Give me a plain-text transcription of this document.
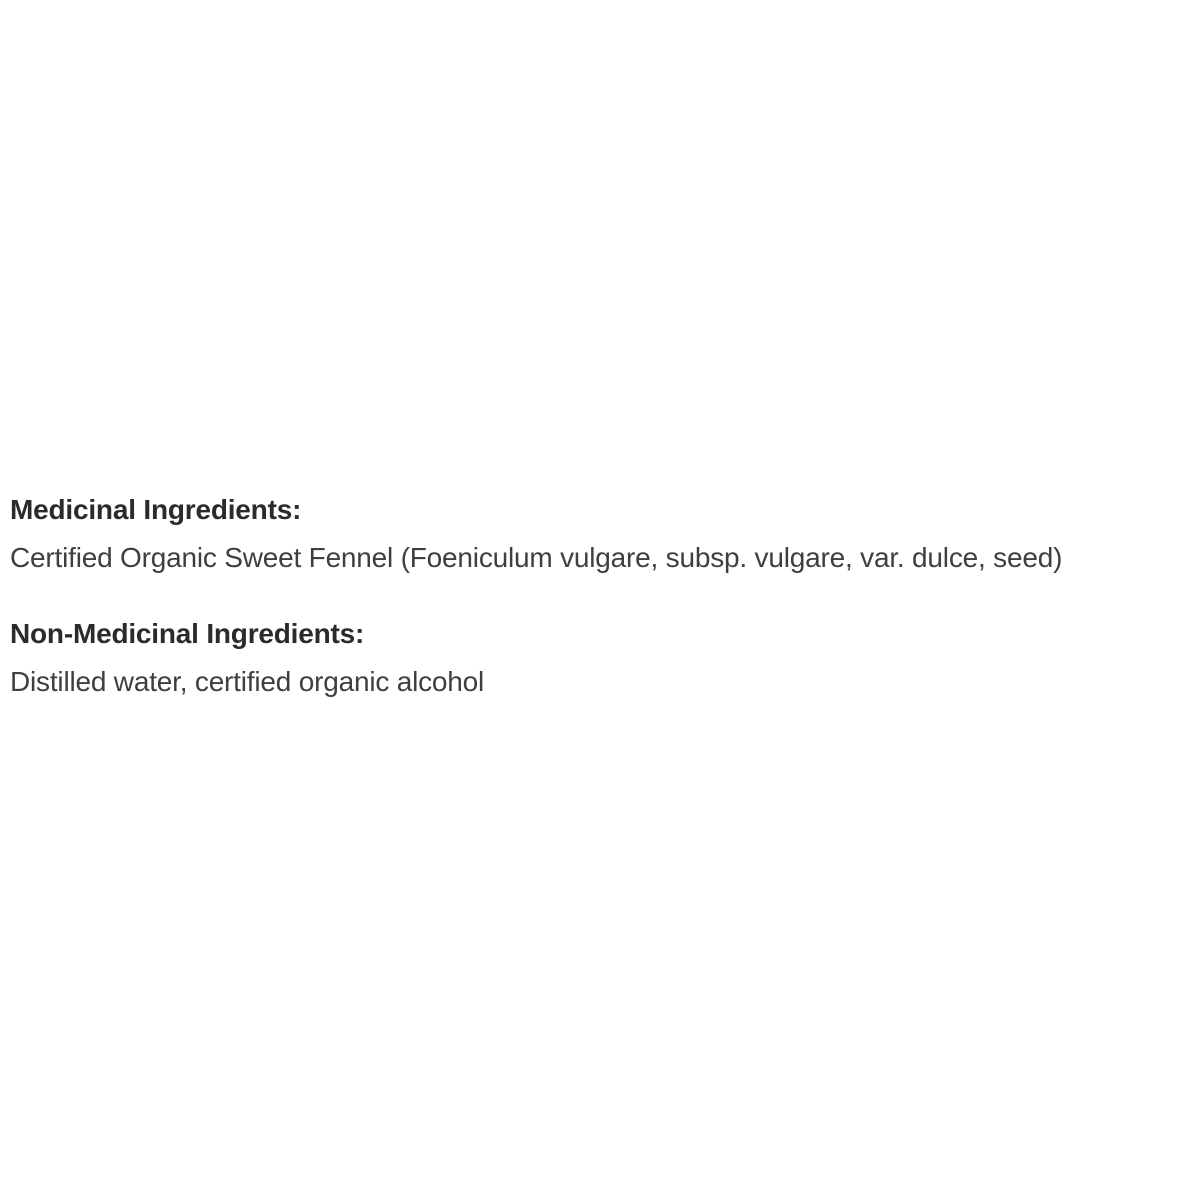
Medicinal Ingredients:
Certified Organic Sweet Fennel (Foeniculum vulgare, subsp. vulgare, var. dulce, seed)

Non-Medicinal Ingredients:
Distilled water, certified organic alcohol
